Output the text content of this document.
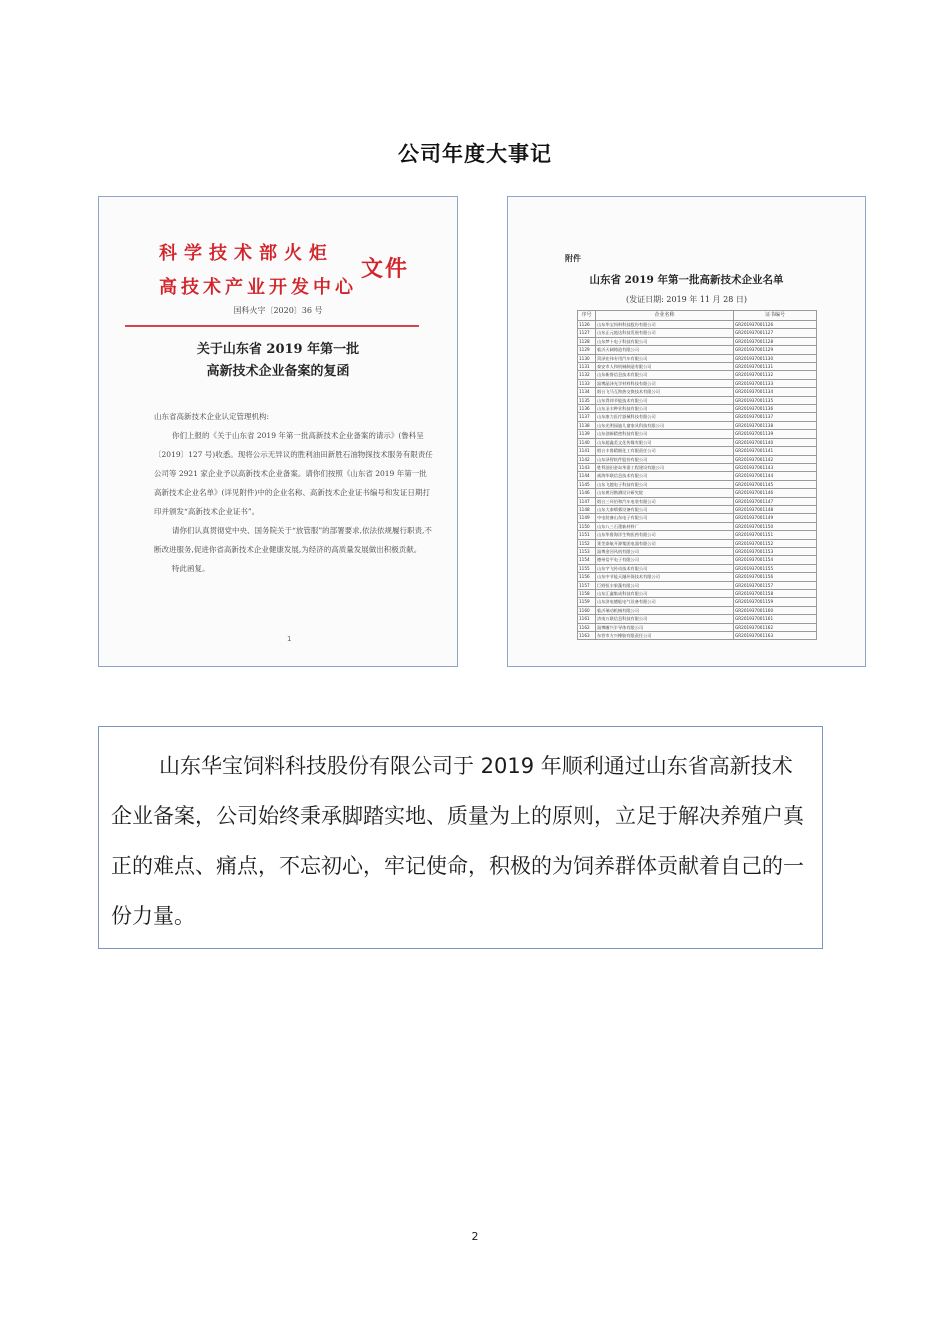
公司年度大事记
科学技术部火炬
高技术产业开发中心
文件
国科火字〔2020〕36 号
关于山东省 2019 年第一批
高新技术企业备案的复函

山东省高新技术企业认定管理机构:

你们上报的《关于山东省 2019 年第一批高新技术企业备案的请示》(鲁科呈〔2019〕127 号)收悉。现将公示无异议的胜利油田新胜石油物探技术服务有限责任公司等 2921 家企业予以高新技术企业备案。请你们按照《山东省 2019 年第一批高新技术企业名单》(详见附件)中的企业名称、高新技术企业证书编号和发证日期打印并颁发“高新技术企业证书”。

请你们认真贯彻党中央、国务院关于“放管服”的部署要求,依法依规履行职责,不断改进服务,促进你省高新技术企业健康发展,为经济的高质量发展做出积极贡献。

特此函复。

1
附件
山东省 2019 年第一批高新技术企业名单
(发证日期: 2019 年 11 月 28 日)
序号	企业名称	证书编号
1126	山东华宝饲料科技股份有限公司	GR201937001126
1127	山东正元地达科技发展有限公司	GR201937001127
1128	山东梦卜电子科技有限公司	GR201937001128
1129	临沂天阔铸造有限公司	GR201937001129
1130	菏泽宏伟专用汽车有限公司	GR201937001130
1131	泰安市人和机械制造有限公司	GR201937001131
1132	山东新鲁信息技术有限公司	GR201937001132
1133	淄博晶泽光学材料科技有限公司	GR201937001133
1134	烟台飞马互跨热交换技术有限公司	GR201937001134
1135	山东得邦节能技术有限公司	GR201937001135
1136	山东圣丰种业科技有限公司	GR201937001136
1137	山东康力医疗器械科技有限公司	GR201937001137
1138	山东光明园迪儿童家具科技有限公司	GR201937001138
1139	山东创新精密科技有限公司	GR201937001139
1140	山东超鑫美文化传媒有限公司	GR201937001140
1141	烟台丰鲁精细化工有限责任公司	GR201937001141
1142	山东泽智软件股份有限公司	GR201937001142
1143	胜利油田金岛华嘉工程建设有限公司	GR201937001143
1144	威海华联信息技术有限公司	GR201937001144
1145	山东飞越电子科技有限公司	GR201937001145
1146	山东黄河勘测设计研究院	GR201937001146
1147	烟台三环伯和汽车电装有限公司	GR201937001147
1148	山东大泰喷雾设备有限公司	GR201937001148
1149	中电装备山东电子有限公司	GR201937001149
1150	山东八三石墨新材料厂	GR201937001150
1151	山东华鲁海洋生物医药有限公司	GR201937001151
1152	莱芜泰航开源集团电器有限公司	GR201937001152
1153	淄博金河风机有限公司	GR201937001153
1154	德州信平电子有限公司	GR201937001154
1155	山东宇飞传动技术有限公司	GR201937001155
1156	山东中节能天融环保技术有限公司	GR201937001156
1157	巨野恒丰果蔬有限公司	GR201937001157
1158	山东汇鑫集成科技有限公司	GR201937001158
1159	山东济电德能电气设备有限公司	GR201937001159
1160	临沂瑞动机械有限公司	GR201937001160
1161	济南万联信息科技有限公司	GR201937001161
1162	淄博晰兴半导体有限公司	GR201937001162
1163	东营市方兴橡胶有限责任公司	GR201937001163

山东华宝饲料科技股份有限公司于 2019 年顺利通过山东省高新技术企业备案，公司始终秉承脚踏实地、质量为上的原则，立足于解决养殖户真正的难点、痛点，不忘初心，牢记使命，积极的为饲养群体贡献着自己的一份力量。

2
